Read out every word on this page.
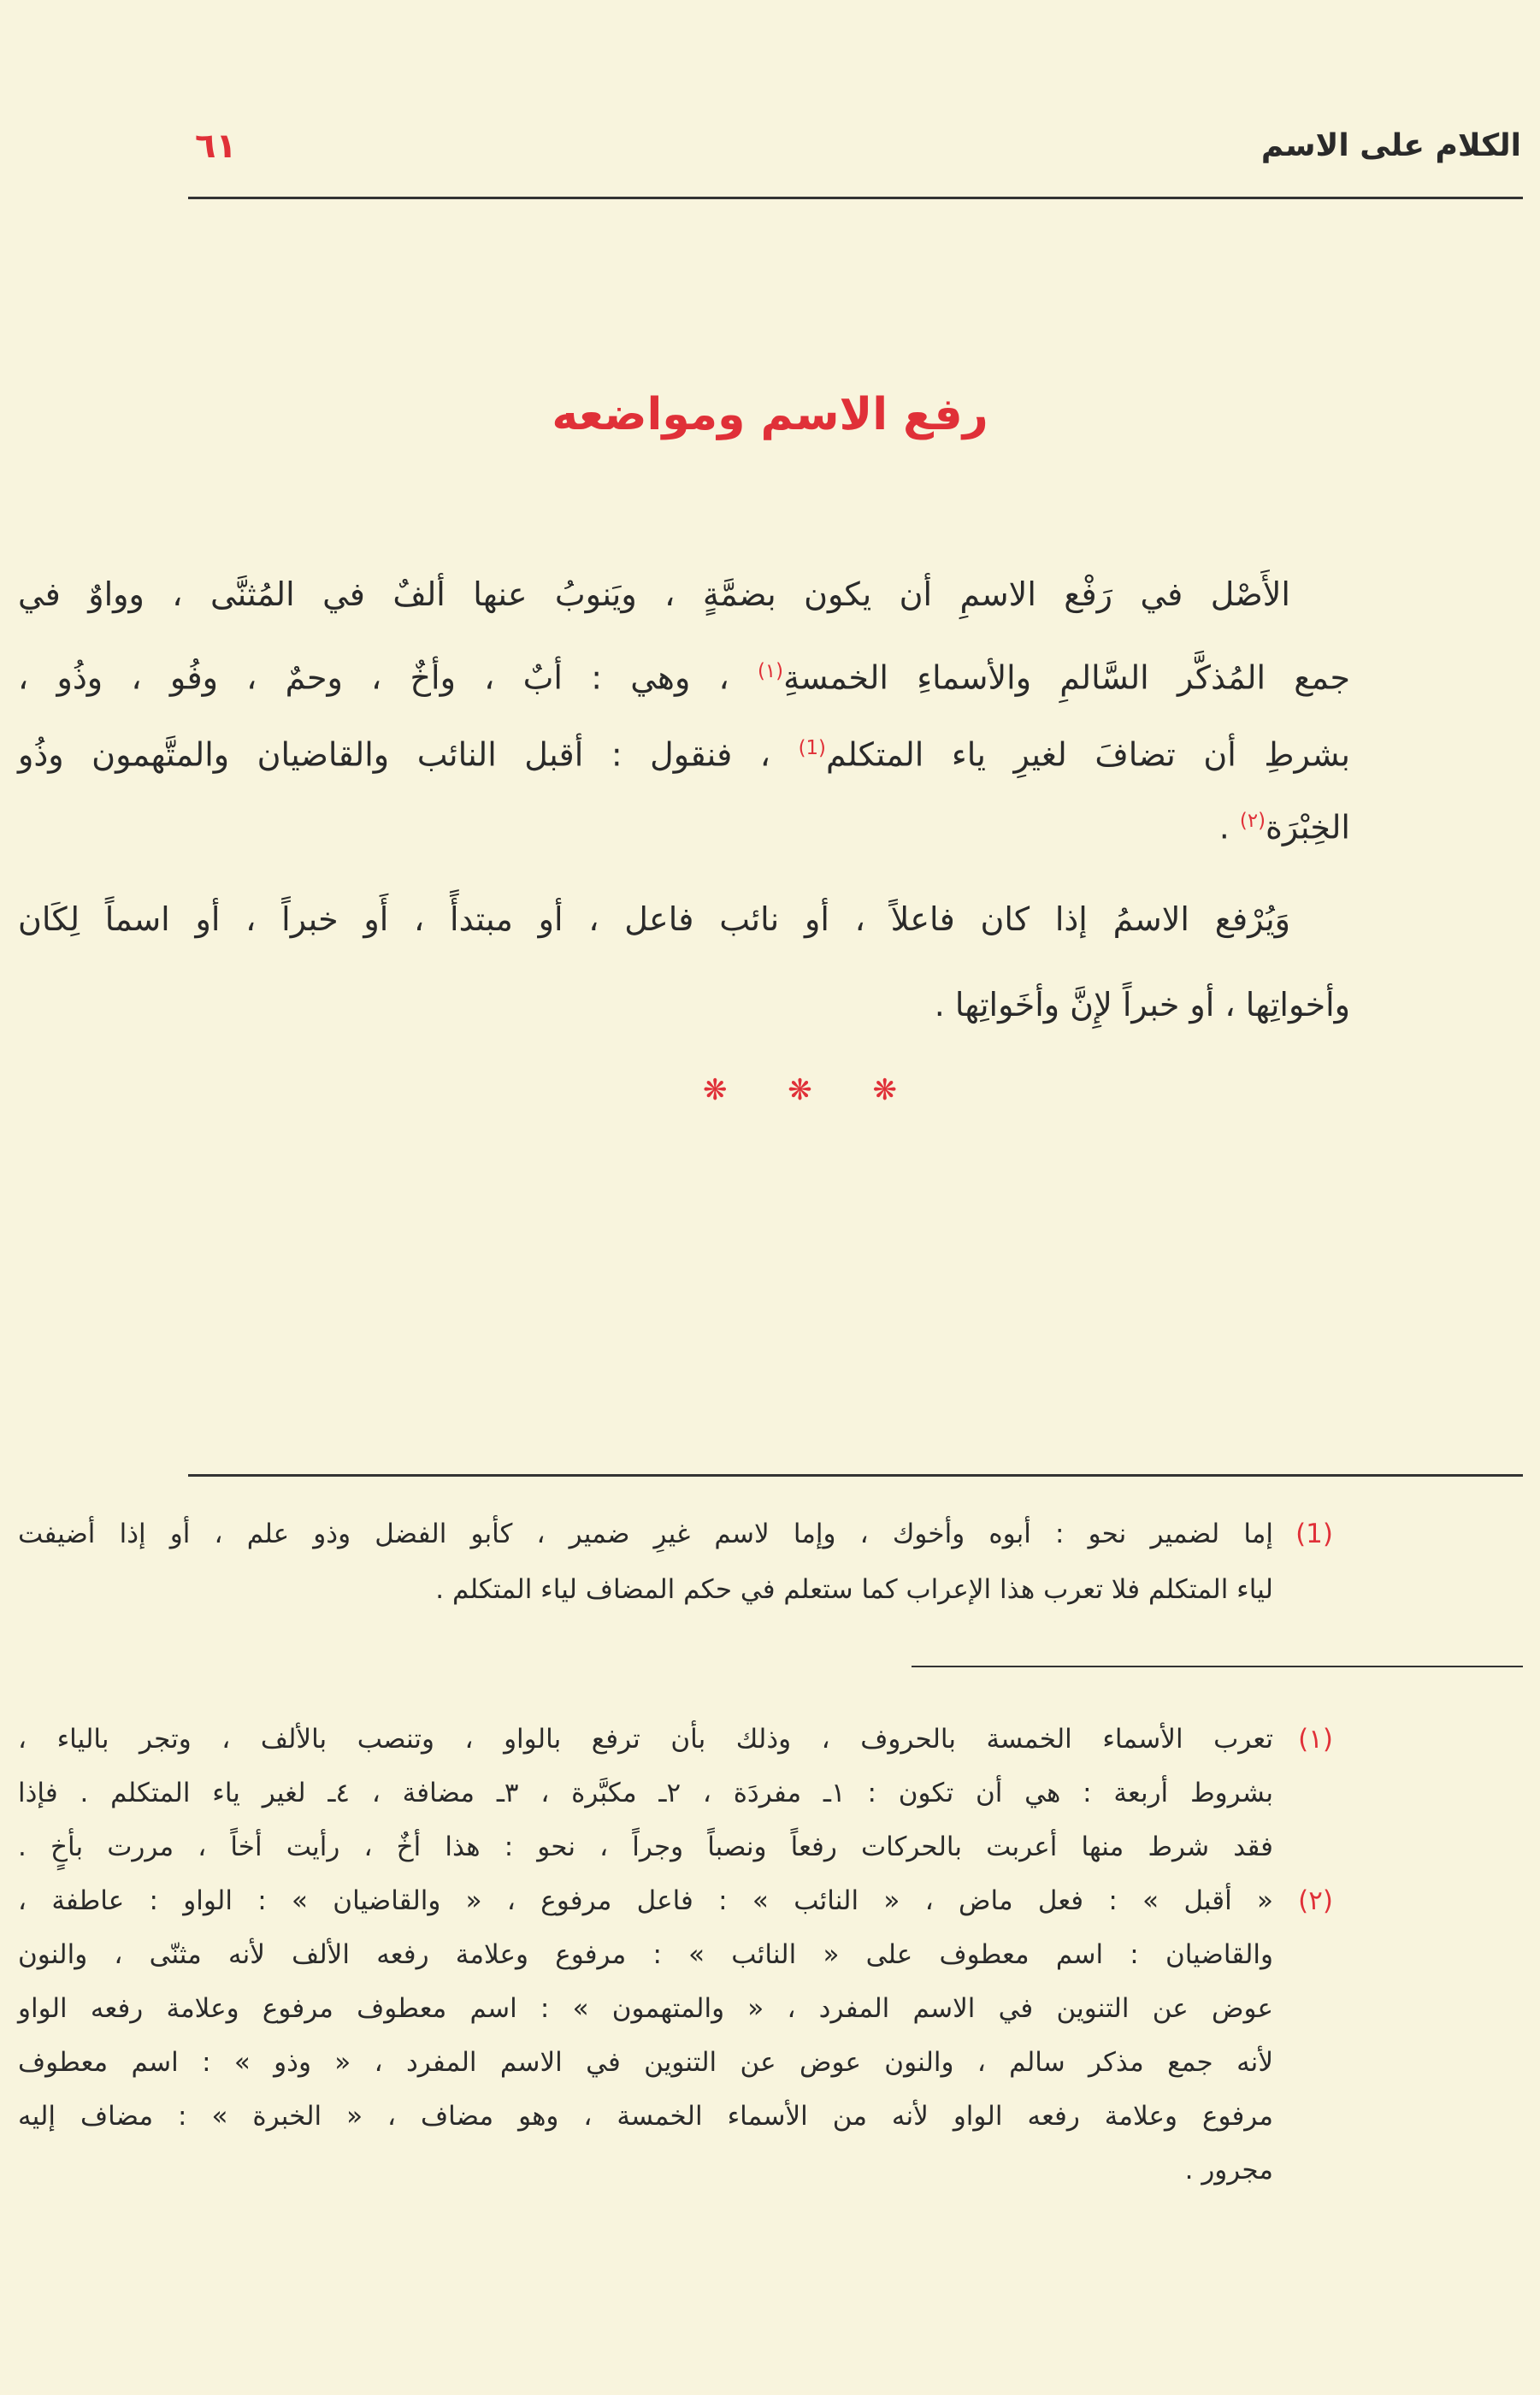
الكلام على الاسم
٦١
رفع الاسم ومواضعه
الأَصْل في رَفْع الاسمِ أن يكون بضمَّةٍ ، ويَنوبُ عنها ألفٌ في المُثنَّى ، وواوٌ في
جمع المُذكَّر السَّالمِ والأسماءِ الخمسةِ$^{(١)}$ ، وهي : أبٌ ، وأخٌ ، وحمٌ ، وفُو ، وذُو ،
بشرطِ أن تضافَ لغيرِ ياء المتكلم$^{(1)}$ ، فنقول : أقبل النائب والقاضيان والمتَّهمون وذُو
الخِبْرَة$^{(٢)}$ .
وَيُرْفع الاسمُ إذا كان فاعلاً ، أو نائب فاعل ، أو مبتدأً ، أَو خبراً ، أو اسماً لِكَان
وأخواتِها ، أو خبراً لإِنَّ وأخَواتِها .
❋ ❋ ❋
(1)
إما لضمير نحو : أبوه وأخوك ، وإما لاسم غيرِ ضمير ، كأبو الفضل وذو علم ، أو إذا أضيفت
لياء المتكلم فلا تعرب هذا الإعراب كما ستعلم في حكم المضاف لياء المتكلم .
(١)
تعرب الأسماء الخمسة بالحروف ، وذلك بأن ترفع بالواو ، وتنصب بالألف ، وتجر بالياء ،
بشروط أربعة : هي أن تكون : ١ـ مفردَة ، ٢ـ مكبَّرة ، ٣ـ مضافة ، ٤ـ لغير ياء المتكلم . فإذا
فقد شرط منها أعربت بالحركات رفعاً ونصباً وجراً ، نحو : هذا أخٌ ، رأيت أخاً ، مررت بأخٍ .
(٢)
« أقبل » : فعل ماض ، « النائب » : فاعل مرفوع ، « والقاضيان » : الواو : عاطفة ،
والقاضيان : اسم معطوف على « النائب » : مرفوع وعلامة رفعه الألف لأنه مثنّى ، والنون
عوض عن التنوين في الاسم المفرد ، « والمتهمون » : اسم معطوف مرفوع وعلامة رفعه الواو
لأنه جمع مذكر سالم ، والنون عوض عن التنوين في الاسم المفرد ، « وذو » : اسم معطوف
مرفوع وعلامة رفعه الواو لأنه من الأسماء الخمسة ، وهو مضاف ، « الخبرة » : مضاف إليه
مجرور .
